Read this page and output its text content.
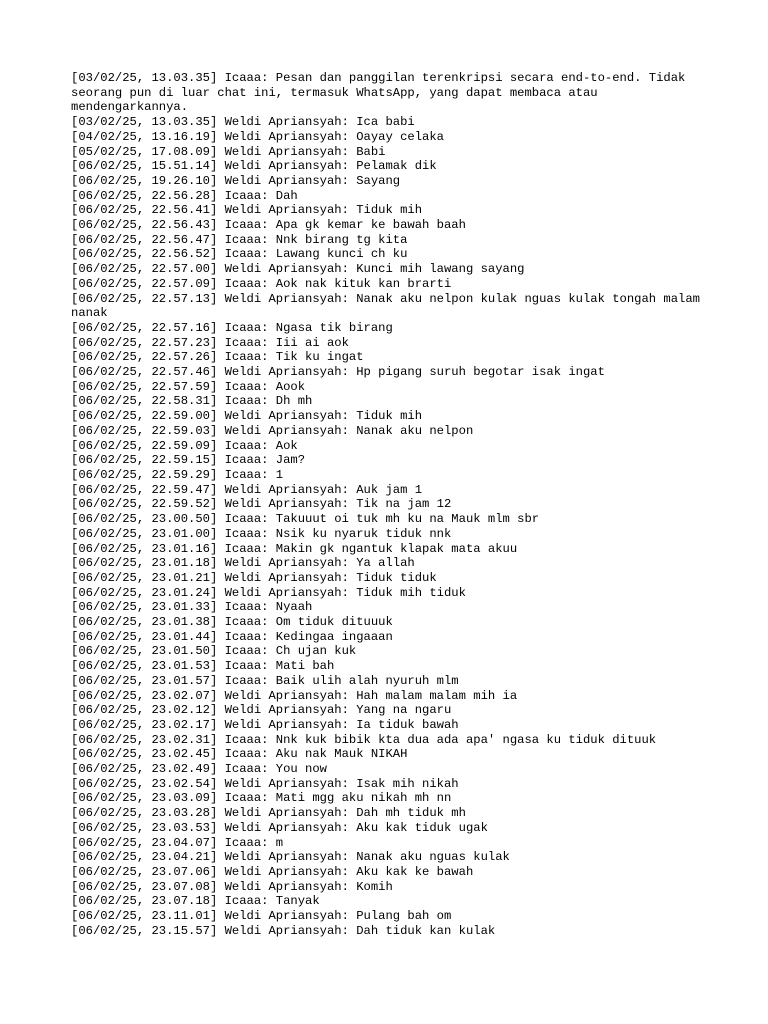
[03/02/25, 13.03.35] Icaaa: Pesan dan panggilan terenkripsi secara end-to-end. Tidak seorang pun di luar chat ini, termasuk WhatsApp, yang dapat membaca atau mendengarkannya.
[03/02/25, 13.03.35] Weldi Apriansyah: Ica babi
[04/02/25, 13.16.19] Weldi Apriansyah: Oayay celaka
[05/02/25, 17.08.09] Weldi Apriansyah: Babi
[06/02/25, 15.51.14] Weldi Apriansyah: Pelamak dik
[06/02/25, 19.26.10] Weldi Apriansyah: Sayang
[06/02/25, 22.56.28] Icaaa: Dah
[06/02/25, 22.56.41] Weldi Apriansyah: Tiduk mih
[06/02/25, 22.56.43] Icaaa: Apa gk kemar ke bawah baah
[06/02/25, 22.56.47] Icaaa: Nnk birang tg kita
[06/02/25, 22.56.52] Icaaa: Lawang kunci ch ku
[06/02/25, 22.57.00] Weldi Apriansyah: Kunci mih lawang sayang
[06/02/25, 22.57.09] Icaaa: Aok nak kituk kan brarti
[06/02/25, 22.57.13] Weldi Apriansyah: Nanak aku nelpon kulak nguas kulak tongah malam nanak
[06/02/25, 22.57.16] Icaaa: Ngasa tik birang
[06/02/25, 22.57.23] Icaaa: Iii ai aok
[06/02/25, 22.57.26] Icaaa: Tik ku ingat
[06/02/25, 22.57.46] Weldi Apriansyah: Hp pigang suruh begotar isak ingat
[06/02/25, 22.57.59] Icaaa: Aook
[06/02/25, 22.58.31] Icaaa: Dh mh
[06/02/25, 22.59.00] Weldi Apriansyah: Tiduk mih
[06/02/25, 22.59.03] Weldi Apriansyah: Nanak aku nelpon
[06/02/25, 22.59.09] Icaaa: Aok
[06/02/25, 22.59.15] Icaaa: Jam?
[06/02/25, 22.59.29] Icaaa: 1
[06/02/25, 22.59.47] Weldi Apriansyah: Auk jam 1
[06/02/25, 22.59.52] Weldi Apriansyah: Tik na jam 12
[06/02/25, 23.00.50] Icaaa: Takuuut oi tuk mh ku na Mauk mlm sbr
[06/02/25, 23.01.00] Icaaa: Nsik ku nyaruk tiduk nnk
[06/02/25, 23.01.16] Icaaa: Makin gk ngantuk klapak mata akuu
[06/02/25, 23.01.18] Weldi Apriansyah: Ya allah
[06/02/25, 23.01.21] Weldi Apriansyah: Tiduk tiduk
[06/02/25, 23.01.24] Weldi Apriansyah: Tiduk mih tiduk
[06/02/25, 23.01.33] Icaaa: Nyaah
[06/02/25, 23.01.38] Icaaa: Om tiduk dituuuk
[06/02/25, 23.01.44] Icaaa: Kedingaa ingaaan
[06/02/25, 23.01.50] Icaaa: Ch ujan kuk
[06/02/25, 23.01.53] Icaaa: Mati bah
[06/02/25, 23.01.57] Icaaa: Baik ulih alah nyuruh mlm
[06/02/25, 23.02.07] Weldi Apriansyah: Hah malam malam mih ia
[06/02/25, 23.02.12] Weldi Apriansyah: Yang na ngaru
[06/02/25, 23.02.17] Weldi Apriansyah: Ia tiduk bawah
[06/02/25, 23.02.31] Icaaa: Nnk kuk bibik kta dua ada apa' ngasa ku tiduk dituuk
[06/02/25, 23.02.45] Icaaa: Aku nak Mauk NIKAH
[06/02/25, 23.02.49] Icaaa: You now
[06/02/25, 23.02.54] Weldi Apriansyah: Isak mih nikah
[06/02/25, 23.03.09] Icaaa: Mati mgg aku nikah mh nn
[06/02/25, 23.03.28] Weldi Apriansyah: Dah mh tiduk mh
[06/02/25, 23.03.53] Weldi Apriansyah: Aku kak tiduk ugak
[06/02/25, 23.04.07] Icaaa: m
[06/02/25, 23.04.21] Weldi Apriansyah: Nanak aku nguas kulak
[06/02/25, 23.07.06] Weldi Apriansyah: Aku kak ke bawah
[06/02/25, 23.07.08] Weldi Apriansyah: Komih
[06/02/25, 23.07.18] Icaaa: Tanyak
[06/02/25, 23.11.01] Weldi Apriansyah: Pulang bah om
[06/02/25, 23.15.57] Weldi Apriansyah: Dah tiduk kan kulak
